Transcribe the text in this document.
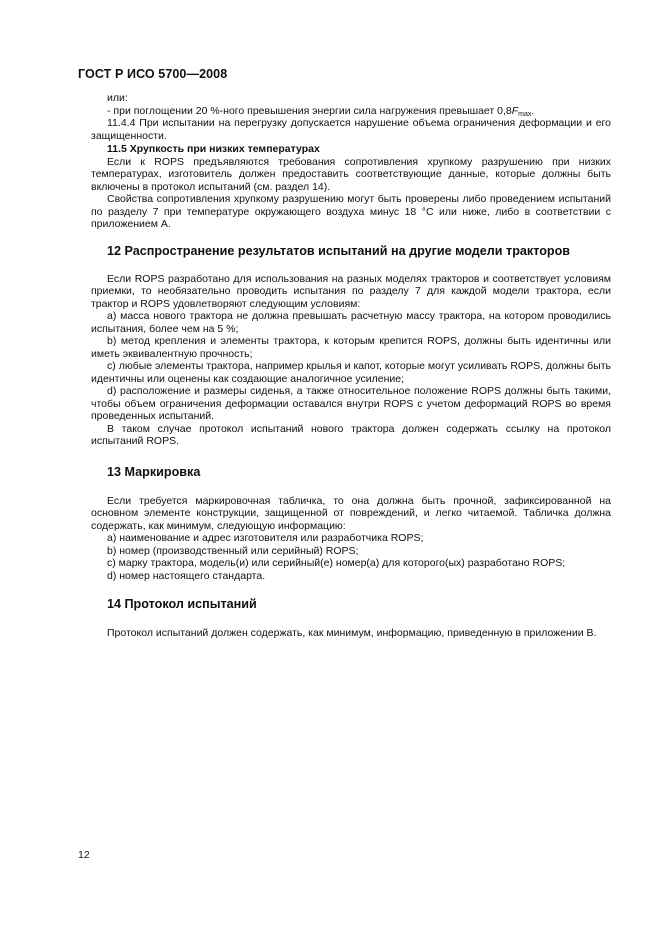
ГОСТ Р ИСО 5700—2008

или:

- при поглощении 20 %-ного превышения энергии сила нагружения превышает $0,8F_{max}$.

11.4.4 При испытании на перегрузку допускается нарушение объема ограничения деформации и его защищенности.

11.5 Хрупкость при низких температурах

Если к ROPS предъявляются требования сопротивления хрупкому разрушению при низких температурах, изготовитель должен предоставить соответствующие данные, которые должны быть включены в протокол испытаний (см. раздел 14).

Свойства сопротивления хрупкому разрушению могут быть проверены либо проведением испытаний по разделу 7 при температуре окружающего воздуха минус 18 °С или ниже, либо в соответствии с приложением А.

12 Распространение результатов испытаний на другие модели тракторов

Если ROPS разработано для использования на разных моделях тракторов и соответствует условиям приемки, то необязательно проводить испытания по разделу 7 для каждой модели трактора, если трактор и ROPS удовлетворяют следующим условиям:

a) масса нового трактора не должна превышать расчетную массу трактора, на котором проводились испытания, более чем на 5 %;

b) метод крепления и элементы трактора, к которым крепится ROPS, должны быть идентичны или иметь эквивалентную прочность;

c) любые элементы трактора, например крылья и капот, которые могут усиливать ROPS, должны быть идентичны или оценены как создающие аналогичное усиление;

d) расположение и размеры сиденья, а также относительное положение ROPS должны быть такими, чтобы объем ограничения деформации оставался внутри ROPS с учетом деформаций ROPS во время проведенных испытаний.

В таком случае протокол испытаний нового трактора должен содержать ссылку на протокол испытаний ROPS.

13 Маркировка

Если требуется маркировочная табличка, то она должна быть прочной, зафиксированной на основном элементе конструкции, защищенной от повреждений, и легко читаемой. Табличка должна содержать, как минимум, следующую информацию:

a) наименование и адрес изготовителя или разработчика ROPS;

b) номер (производственный или серийный) ROPS;

c) марку трактора, модель(и) или серийный(е) номер(а) для которого(ых) разработано ROPS;

d) номер настоящего стандарта.

14 Протокол испытаний

Протокол испытаний должен содержать, как минимум, информацию, приведенную в приложении В.

12
